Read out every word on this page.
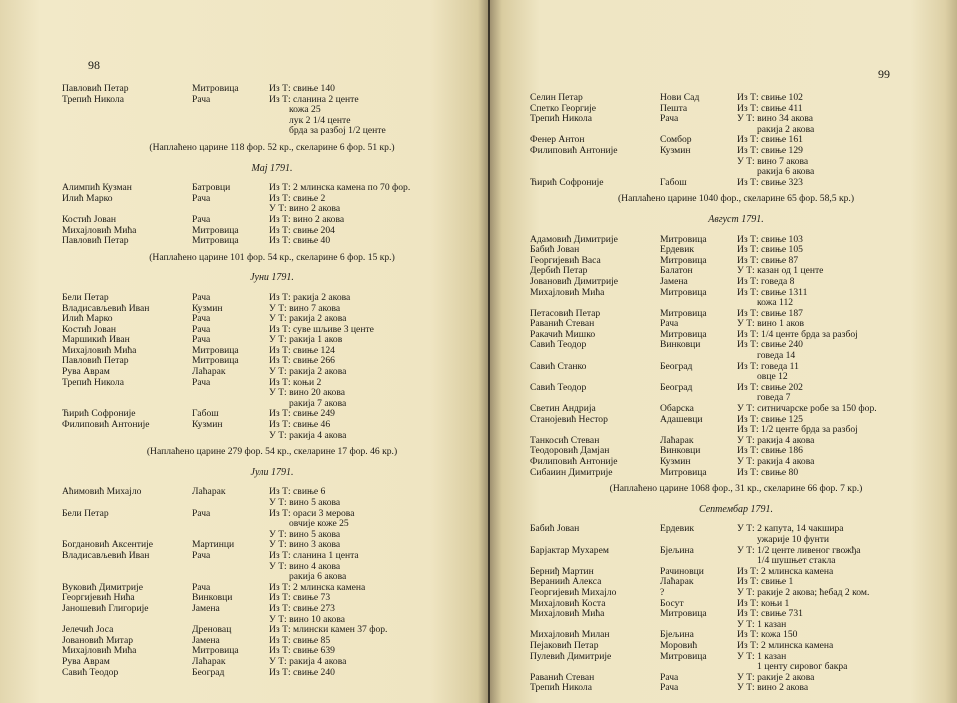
98
Павловић Петар	Митровица	Из Т: свиње 140
Трепић Никола	Рача	Из Т: сланина 2 центе
кожа 25
лук 2 1/4 центе
брда за разбој 1/2 центе
(Наплаћено царине 118 фор. 52 кр., скеларине 6 фор. 51 кр.)
Мај 1791.
Алимпић Кузман	Батровци	Из Т: 2 млинска камена по 70 фор.
Илић Марко	Рача	Из Т: свиње 2
У Т: вино 2 акова
Костић Јован	Рача	Из Т: вино 2 акова
Михајловић Мића	Митровица	Из Т: свиње 204
Павловић Петар	Митровица	Из Т: свиње 40
(Наплаћено царине 101 фор. 54 кр., скеларине 6 фор. 15 кр.)
Јуни 1791.
Бели Петар	Рача	Из Т: ракија 2 акова
Владисављевић Иван	Кузмин	У Т: вино 7 акова
Илић Марко	Рача	У Т: ракија 2 акова
Костић Јован	Рача	Из Т: суве шљиве 3 центе
Маршикић Иван	Рача	У Т: ракија 1 аков
Михајловић Мића	Митровица	Из Т: свиње 124
Павловић Петар	Митровица	Из Т: свиње 266
Рува Аврам	Лаћарак	У Т: ракија 2 акова
Трепић Никола	Рача	Из Т: коњи 2
У Т: вино 20 акова
ракија 7 акова
Ћирић Софроније	Габош	Из Т: свиње 249
Филиповић Антоније	Кузмин	Из Т: свиње 46
У Т: ракија 4 акова
(Наплаћено царине 279 фор. 54 кр., скеларине 17 фор. 46 кр.)
Јули 1791.
Аћимовић Михајло	Лаћарак	Из Т: свиње 6
У Т: вино 5 акова
Бели Петар	Рача	Из Т: ораси 3 мерова
овчије коже 25
У Т: вино 5 акова
Богдановић Аксентије	Мартинци	У Т: вино 3 акова
Владисављевић Иван	Рача	Из Т: сланина 1 цента
У Т: вино 4 акова
ракија 6 акова
Вуковић Димитрије	Рача	Из Т: 2 млинска камена
Георгијевић Нића	Винковци	Из Т: свиње 73
Јаношевић Глигорије	Јамена	Из Т: свиње 273
У Т: вино 10 акова
Јелечић Јоса	Дреновац	Из Т: млински камен 37 фор.
Јовановић Митар	Јамена	Из Т: свиње 85
Михајловић Мића	Митровица	Из Т: свиње 639
Рува Аврам	Лаћарак	У Т: ракија 4 акова
Савић Теодор	Београд	Из Т: свиње 240
99
Селин Петар	Нови Сад	Из Т: свиње 102
Спетко Георгије	Пешта	Из Т: свиње 411
Трепић Никола	Рача	У Т: вино 34 акова
ракија 2 акова
Фенер Антон	Сомбор	Из Т: свиње 161
Филиповић Антоније	Кузмин	Из Т: свиње 129
У Т: вино 7 акова
ракија 6 акова
Ћирић Софроније	Габош	Из Т: свиње 323
(Наплаћено царине 1040 фор., скеларине 65 фор. 58,5 кр.)
Август 1791.
Адамовић Димитрије	Митровица	Из Т: свиње 103
Бабић Јован	Ердевик	Из Т: свиње 105
Георгијевић Васа	Митровица	Из Т: свиње 87
Дербић Петар	Балатон	У Т: казан од 1 центе
Јовановић Димитрије	Јамена	Из Т: говеда 8
Михајловић Мића	Митровица	Из Т: свиње 1311
кожа 112
Петасовић Петар	Митровица	Из Т: свиње 187
Раванић Стеван	Рача	У Т: вино 1 аков
Ракачић Мишко	Митровица	Из Т: 1/4 центе брда за разбој
Савић Теодор	Винковци	Из Т: свиње 240
говеда 14
Савић Станко	Београд	Из Т: говеда 11
овце 12
Савић Теодор	Београд	Из Т: свиње 202
говеда 7
Светин Андрија	Обарска	У Т: ситничарске робе за 150 фор.
Станојевић Нестор	Адашевци	Из Т: свиње 125
Из Т: 1/2 центе брда за разбој
Танкосић Стеван	Лаћарак	У Т: ракија 4 акова
Теодоровић Дамјан	Винковци	Из Т: свиње 186
Филиповић Антоније	Кузмин	У Т: ракија 4 акова
Сибаиин Димитрије	Митровица	Из Т: свиње 80
(Наплаћено царине 1068 фор., 31 кр., скеларине 66 фор. 7 кр.)
Септембар 1791.
Бабић Јован	Ердевик	У Т: 2 капута, 14 чакшира
ужарије 10 фунти
Барјактар Мухарем	Бјељина	У Т: 1/2 центе ливеног гвожђа
1/4 шушњет стакла
Берниђ Мартин	Рачиновци	Из Т: 2 млинска камена
Вераниић Алекса	Лаћарак	Из Т: свиње 1
Георгијевић Михајло	?	У Т: ракије 2 акова; ћебад 2 ком.
Михајловић Коста	Босут	Из Т: коњи 1
Михајловић Мића	Митровица	Из Т: свиње 731
У Т: 1 казан
Михајловић Милан	Бјељина	Из Т: кожа 150
Пејаковић Петар	Моровић	Из Т: 2 млинска камена
Пулевић Димитрије	Митровица	У Т: 1 казан
1 центу сировог бакра
Раванић Стеван	Рача	У Т: ракије 2 акова
Трепић Никола	Рача	У Т: вино 2 акова
